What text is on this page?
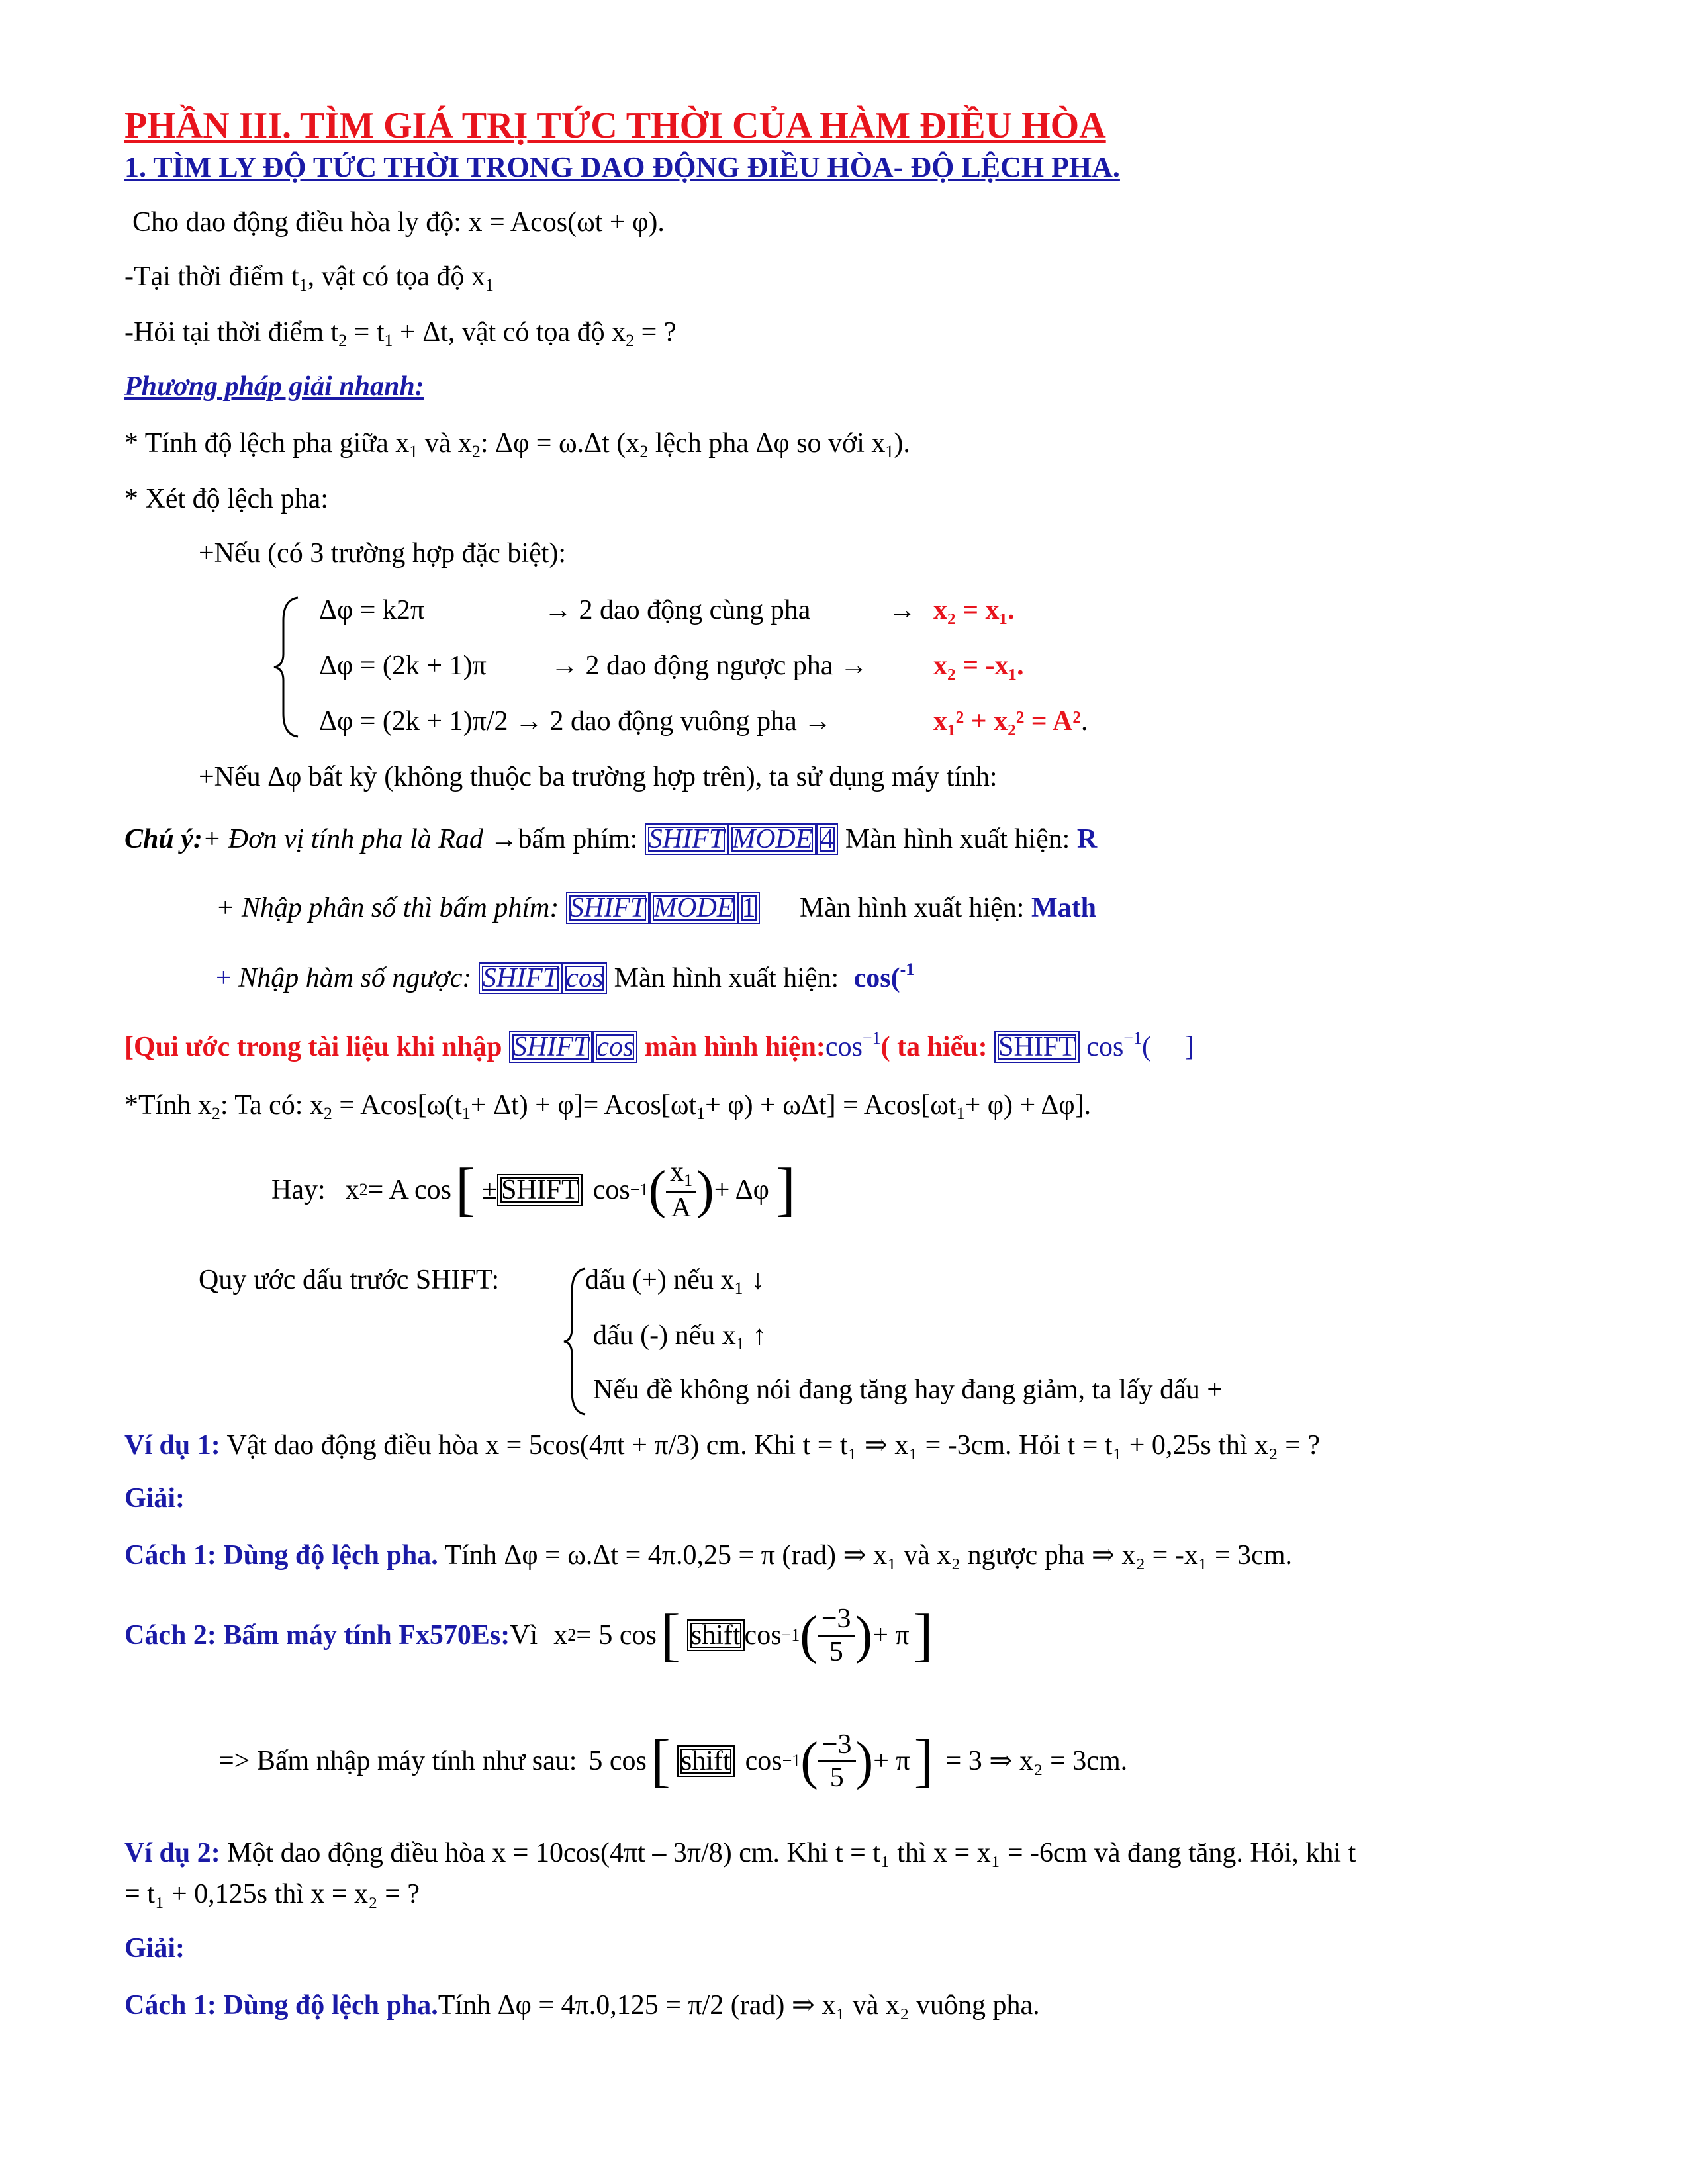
PHẦN III. TÌM GIÁ TRỊ TỨC THỜI CỦA HÀM ĐIỀU HÒA
1. TÌM LY ĐỘ TỨC THỜI TRONG DAO ĐỘNG ĐIỀU HÒA- ĐỘ LỆCH PHA.
Cho dao động điều hòa ly độ: x = Acos(ωt + φ).
-Tại thời điểm $t_1$, vật có tọa độ $x_1$
-Hỏi tại thời điểm $t_2 = t_1 + \Delta t$, vật có tọa độ $x_2$ = ?
Phương pháp giải nhanh:
* Tính độ lệch pha giữa $x_1$ và $x_2$: Δφ = ω.Δt ($x_2$ lệch pha Δφ so với $x_1$).
* Xét độ lệch pha:
+Nếu (có 3 trường hợp đặc biệt):
Δφ = k2π	→ 2 dao động cùng pha	→ x₂ = x₁.
Δφ = (2k + 1)π → 2 dao động ngược pha → x₂ = -x₁.
Δφ = (2k + 1)π/2 → 2 dao động vuông pha →	x₁² + x₂² = A².
+Nếu Δφ bất kỳ (không thuộc ba trường hợp trên), ta sử dụng máy tính:
Chú ý:+ Đơn vị tính pha là Rad →bấm phím: SHIFT MODE 4 Màn hình xuất hiện: R
+ Nhập phân số thì bấm phím: SHIFT MODE 1 Màn hình xuất hiện: Math
+ Nhập hàm số ngược: SHIFT cos Màn hình xuất hiện: cos($^{-1}$
[Qui ước trong tài liệu khi nhập SHIFT cos màn hình $hiện:\cos^{-1}$( ta hiểu: SHIFT $\cos^{-1}$( ]
*Tính $x_2$: Ta có: $x_2 = Acos[\omega(t_1+ \Delta t) + \varphi]= Acos[\omega t_1+ \varphi) + \omega\Delta t] = Acos[\omega t_1+ \varphi) + \Delta\varphi$].
Hay: x 2 = A cos [ ± SHIFT cos −1 ( $\frac{x_1}{A}$ ) + Δφ ]
Quy ước dấu trước SHIFT:	dấu (+) nếu $x_1$ ↓
dấu (-) nếu $x_1$ ↑
Nếu đề không nói đang tăng hay đang giảm, ta lấy dấu +
Ví dụ 1: Vật dao động điều hòa x = 5cos(4πt + π/3) cm. Khi t = t₁ ⇒ x₁ = -3cm. Hỏi t = t₁ + 0,25s thì x₂ = ?
Giải:
Cách 1: Dùng độ lệch pha. Tính Δφ = ω.Δt = 4π.0,25 = π (rad) ⇒ x₁ và x₂ ngược pha ⇒ x₂ = -x₁ = 3cm.
Cách 2 : Bấm máy tính Fx570Es: Vì x 2 = 5 cos [ shift cos −1 ( $\frac{-3}{5}$ ) + π ]
=> Bấm nhập máy tính như sau: 5 cos [ shift cos −1 ( $\frac{-3}{5}$ ) + π ] = 3 ⇒ x₂ = 3cm.
Ví dụ 2: Một dao động điều hòa x = 10cos(4πt – 3π/8) cm. Khi t = t₁ thì x = x₁ = -6cm và đang tăng. Hỏi, khi t
= t₁ + 0,125s thì x = x₂ = ?
Giải:
Cách 1: Dùng độ lệch pha.Tính Δφ = 4π.0,125 = π/2 (rad) ⇒ x₁ và x₂ vuông pha.
